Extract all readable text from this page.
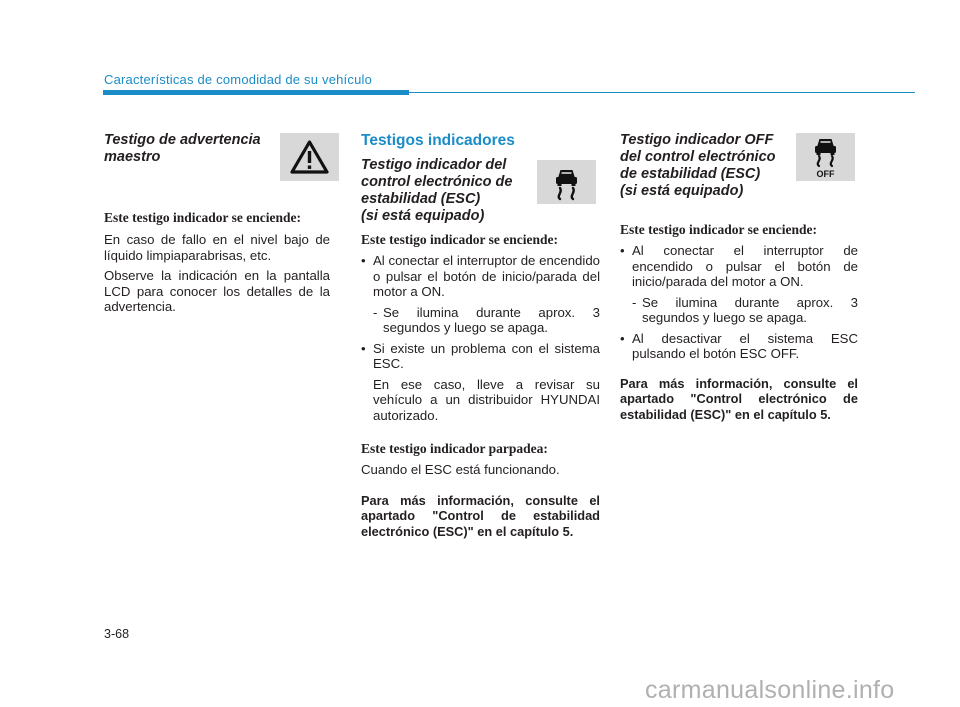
Características de comodidad de su vehículo

Testigo de advertencia maestro

Este testigo indicador se enciende:

En caso de fallo en el nivel bajo de líquido limpiaparabrisas, etc.

Observe la indicación en la pantalla LCD para conocer los detalles de la advertencia.

Testigos indicadores

Testigo indicador del

control electrónico de

estabilidad (ESC)

(si está equipado)

Este testigo indicador se enciende:

• Al conectar el interruptor de encendido o pulsar el botón de inicio/parada del motor a ON.

- Se ilumina durante aprox. 3 segundos y luego se apaga.

• Si existe un problema con el sistema ESC.

En ese caso, lleve a revisar su vehículo a un distribuidor HYUNDAI autorizado.

Este testigo indicador parpadea:

Cuando el ESC está funcionando.

Para más información, consulte el apartado "Control de estabilidad electrónico (ESC)" en el capítulo 5.

Testigo indicador OFF

del control electrónico

de estabilidad (ESC)

(si está equipado)

Este testigo indicador se enciende:

• Al conectar el interruptor de encendido o pulsar el botón de inicio/parada del motor a ON.

- Se ilumina durante aprox. 3 segundos y luego se apaga.

• Al desactivar el sistema ESC pulsando el botón ESC OFF.

Para más información, consulte el apartado "Control electrónico de estabilidad (ESC)" en el capítulo 5.

OFF
3-68
carmanualsonline.info
